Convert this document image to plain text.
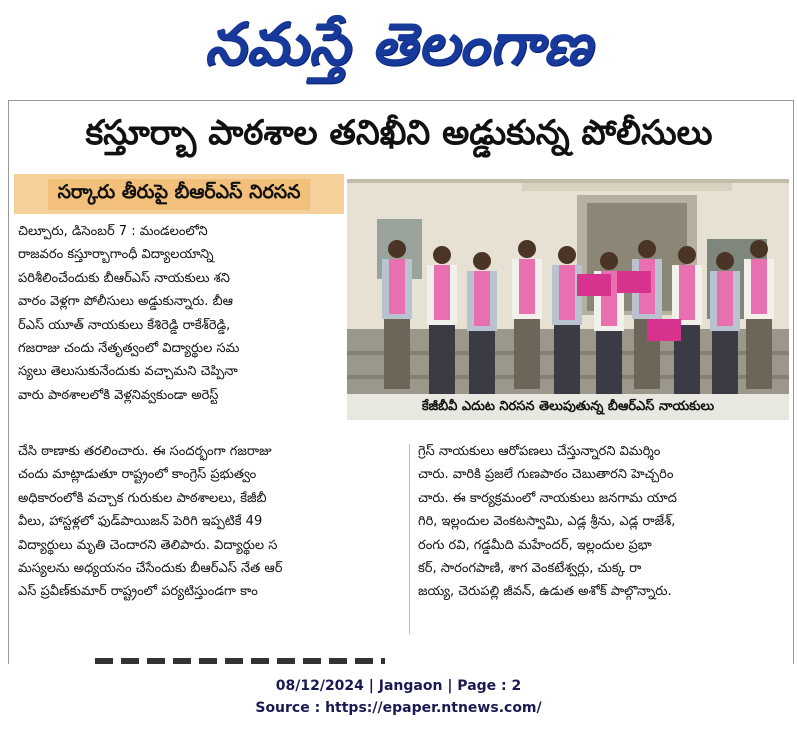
నమస్తే తెలంగాణ
కస్తూర్బా పాఠశాల తనిఖీని అడ్డుకున్న పోలీసులు
సర్కారు తీరుపై బీఆర్ఎస్ నిరసన

చిల్పూరు, డిసెంబర్ 7 : మండలంలోని

రాజవరం కస్తూర్బాగాంధీ విద్యాలయాన్ని

పరిశీలించేందుకు బీఆర్ఎస్ నాయకులు శని

వారం వెళ్లగా పోలీసులు అడ్డుకున్నారు. బీఆ

ర్ఎస్ యూత్ నాయకులు కేశిరెడ్డి రాకేశ్‌రెడ్డి,

గజరాజు చందు నేతృత్వంలో విద్యార్థుల సమ

స్యలు తెలుసుకునేందుకు వచ్చామని చెప్పినా

వారు పాఠశాలలోకి వెళ్లనివ్వకుండా అరెస్ట్

కేజీబీవీ ఎదుట నిరసన తెలుపుతున్న బీఆర్ఎస్ నాయకులు

చేసి ఠాణాకు తరలించారు. ఈ సందర్భంగా గజరాజు

చందు మాట్లాడుతూ రాష్ట్రంలో కాంగ్రెస్ ప్రభుత్వం

అధికారంలోకి వచ్చాక గురుకుల పాఠశాలలు, కేజీబీ

వీలు, హాస్టళ్లలో ఫుడ్‌పాయిజన్ పెరిగి ఇప్పటికే 49

విద్యార్థులు మృతి చెందారని తెలిపారు. విద్యార్థుల స

మస్యలను అధ్యయనం చేసేందుకు బీఆర్ఎస్ నేత ఆర్

ఎస్ ప్రవీణ్‌కుమార్ రాష్ట్రంలో పర్యటిస్తుండగా కాం

గ్రెస్ నాయకులు ఆరోపణలు చేస్తున్నారని విమర్శిం

చారు. వారికి ప్రజలే గుణపాఠం చెబుతారని హెచ్చరిం

చారు. ఈ కార్యక్రమంలో నాయకులు జనగామ యాద

గిరి, ఇల్లందుల వెంకటస్వామి, ఎడ్ల శ్రీను, ఎడ్ల రాజేశ్,

రంగు రవి, గడ్డమీది మహేందర్, ఇల్లందుల ప్రభా

కర్, సారంగపాణి, శాగ వెంకటేశ్వర్లు, చుక్క రా

జయ్య, చెరుపల్లి జీవన్, ఉడుత అశోక్ పాల్గొన్నారు.

08/12/2024 | Jangaon | Page : 2
Source : https://epaper.ntnews.com/
